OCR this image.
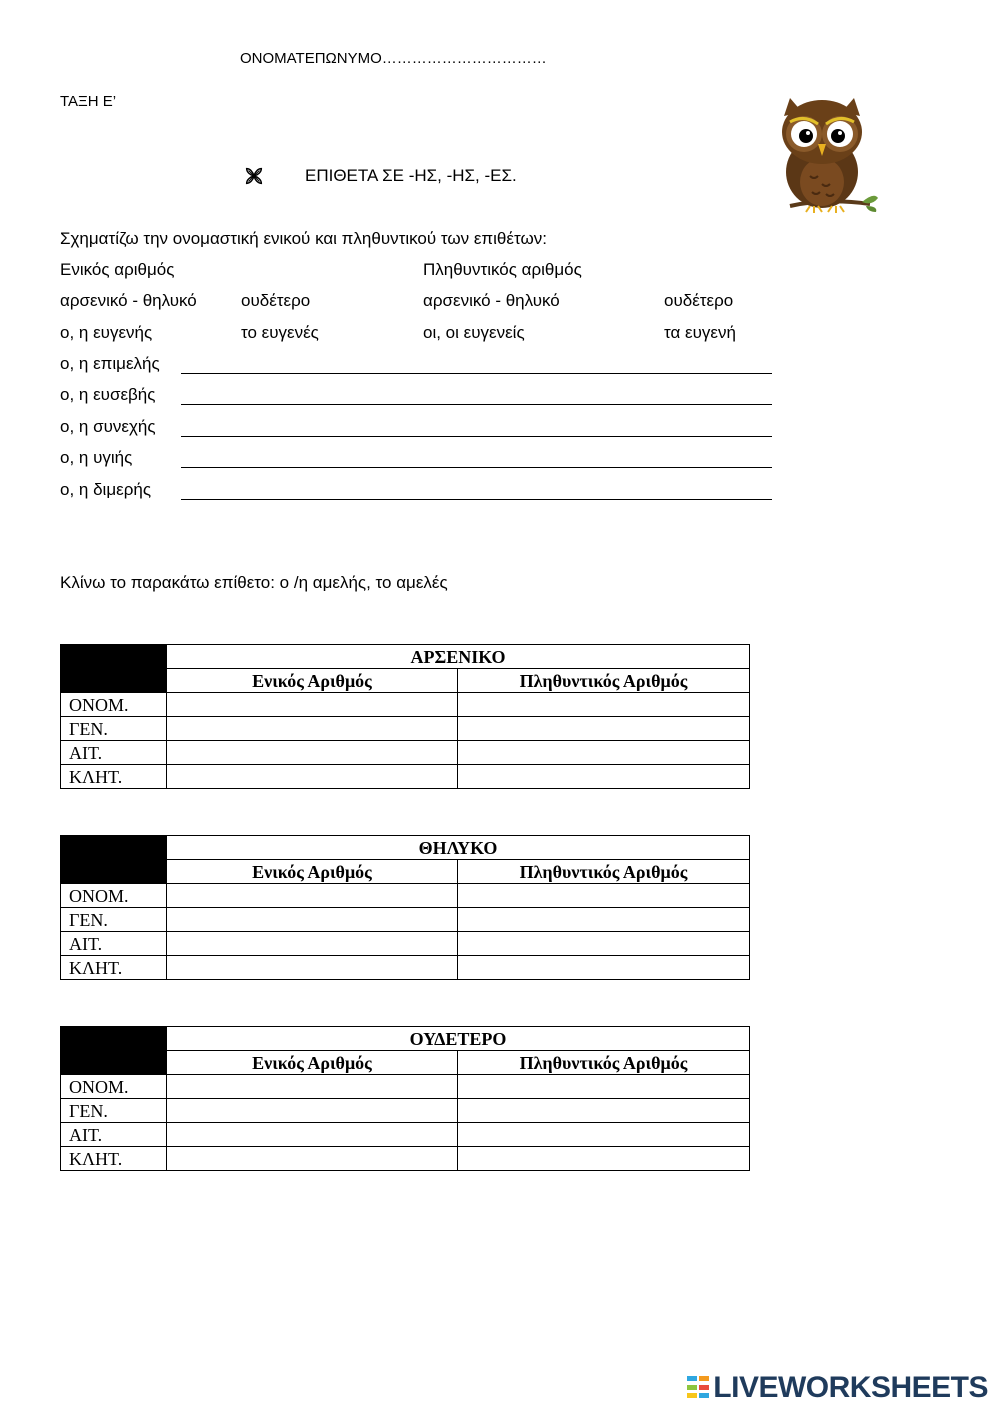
ΟΝΟΜΑΤΕΠΩΝΥΜΟ……………………………
ΤΑΞΗ Ε’
ΕΠΙΘΕΤΑ ΣΕ -ΗΣ, -ΗΣ, -ΕΣ.
Σχηματίζω την ονομαστική ενικού και πληθυντικού των επιθέτων:
Ενικός αριθμός	Πληθυντικός αριθμός
αρσενικό - θηλυκό	ουδέτερο	αρσενικό - θηλυκό	ουδέτερο
ο, η ευγενής	το ευγενές	οι, οι ευγενείς	τα ευγενή
ο, η επιμελής
ο, η ευσεβής
ο, η συνεχής
ο, η υγιής
ο, η διμερής
Κλίνω το παρακάτω επίθετο: ο /η αμελής, το αμελές
	ΑΡΣΕΝΙΚΟ	
	Ενικός Αριθμός	Πληθυντικός Αριθμός
ΟΝΟΜ.		
ΓΕΝ.		
ΑΙΤ.		
ΚΛΗΤ.		
	ΘΗΛΥΚΟ	
	Ενικός Αριθμός	Πληθυντικός Αριθμός
ΟΝΟΜ.		
ΓΕΝ.		
ΑΙΤ.		
ΚΛΗΤ.		
	ΟΥΔΕΤΕΡΟ	
	Ενικός Αριθμός	Πληθυντικός Αριθμός
ΟΝΟΜ.		
ΓΕΝ.		
ΑΙΤ.		
ΚΛΗΤ.		
LIVEWORKSHEETS
